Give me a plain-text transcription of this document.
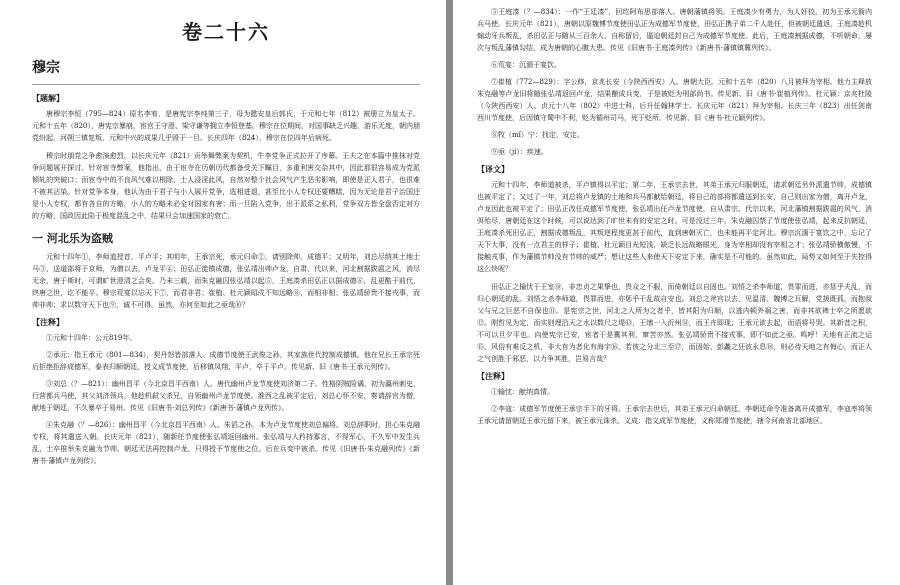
卷二十六
穆宗
【题解】

唐穆宗李恒（795—824）原名李宥，是唐宪宗李纯第三子，母为懿安皇后郭氏，于元和七年（812）被册立为皇太子。元和十五年（820），唐宪宗暴崩，宦官王守澄、梁守谦等拥立李恒登基。穆宗在位期间，对国事缺乏兴趣，游乐无度，朝内朋党纷起，河朔三镇复叛，元和中兴的成果几乎毁于一旦。长庆四年（824），穆宗在位四年后病死。

穆宗时朋党之争愈演愈烈，以长庆元年（821）贡举舞弊案为契机，牛李党争正式拉开了序幕。王夫之在本篇中推抹对党争问题展开探讨。针对宦寺弊案，他指出，由于宦寺在历朝历代都备受关下瞩目，多重利害交杂其中，因此那很容易成为党派倾轧的突破口；而宦寺中的不良风气难以根除，士人浸淫此风，自然对整个社会风气产生恶劣影响，即使是正人君子，也很难不被其沾染。针对党争本身，他认为由于君子与小人展开党争，选相进退，甚至比小人专权还要糟糕，因为无论是君子治国还是小人专权，都有各自的方略，小人的方略未必全对国家有害；而一旦陷入党争，出于派系之私利，党争双方皆全盘否定对方的方略，国政因此陷于极度混乱之中，结果只会加速国家的衰亡。

一 河北乐为盗贼

元和十四年①，李师道授首，平卢平；其明年，王承宗死，承元归命②，请别除帅，成德平；又明年，刘总尽纳其土地士马③，送道部将于京师，为僧以去，卢龙平④；田弘正徙镇成德，张弘靖出帅卢龙，自肃、代以来，河北割据跋扈之风，消尽无余，唐于斯时，可谓旷世澄清之会矣。乃未三载，而朱克融囚张弘靖以起⑤，王庭凑杀田弘正以据成德⑥，乱更酷于前代，终唐之世，讫不能平。穆宗荒宴以忘天下⑦，而君非君；崔植、杜元颖昭戍不知远略⑧，而相非相；张弘靖骄贵不接戎事，而帅非帅；求以数守天下也⑨，诚不可得。虽然，亦何至如此之亟哉⑩？

【注释】

①元和十四年：公元819年。

②承元：指王承元（801—834），契丹怒皆部落人。成德节度使王武俊之孙，其家族世代控制成德镇。他在兄长王承宗死后拒绝拒辞成德军，泰表归顺朝廷，授义成节度使，后移镇凤翔、平卢，卒于平卢。传见新、旧《唐书·王承元列传》。

③刘总（？—821）：幽州昌平（今北京昌平西南）人。唐代幽州卢龙节度使刘济第二子。性格阴贼险谲，初为瀛州刺史、行营都兵马使，其父刘济领兵，他趁机弑父杀兄，自领幽州卢龙节度使。淮西之乱被平定后，刘总心怀不安，奏请辞官为僧，献地于朝廷，不久暴卒于易州。传见《旧唐书·刘总列传》《新唐书·藩镇卢龙列传》。

④朱克融（？—826）：幽州昌平（今北京昌平西南）人。朱滔之孙，本为卢龙节度使刘总偏将。刘总辞职时，担心朱克融专权，将其遣送入朝。长庆元年（821），随新任节度使张弘靖返回幽州。张弘靖与人矜持寡言，不得军心，不久军中发生兵乱，士卒推举朱克融为节帅。朝廷无法再控制卢龙，只得授予节度使之位。后在兵变中被杀。传见《旧唐书·朱克融列传》《新唐书·藩镇卢龙列传》。

⑤王庭凑（？—834）：一作“王廷凑”，回纥阿布思部落人。唐朝藩镇将领。王庭凑少有勇力，为人奸狡，初为王承元衙内兵马使。长庆元年（821），唐朝以原魏博节度使田弘正为成德军节度使，田弘正携子弟二千人赴任，但被朝廷遣返，王庭凑趁机煽动牙兵叛乱，杀田弘正与随从三百余人，自称留后，逼迫朝廷封自己为成德军节度使。此后，王庭凑割据成德，不听朝命，屡次与叛乱藩镇勾结，成为唐朝的心腹大患。传见《旧唐书·王庭凑列传》《新唐书·藩镇镇冀列传》。

⑥荒宴：沉湎于宴饮。

⑦崔植（772—829）：字公修，京兆长安（今陕西西安）人。唐朝大臣。元和十五年（820）八月被拜为宰相。他力主释放朱克融等卢龙旧将随张弘靖返回卢龙，结果酿成兵变，于是被贬为刑部尚书。传见新、旧《唐书·崔植列传》。杜元颖：京兆杜陵（今陕西西安）人。贞元十八年（802）中进士科，后升任翰林学士。长庆元年（821）拜为宰相。长庆三年（823）出任剑南西川节度使，后因镇守蜀中不利，贬为循州司马，死于贬所。传见新、旧《唐书·杜元颖列传》。

⑧牧（mǐ）宁：找定，安定。

⑨亟（jí）：疾速。

【译文】

元和十四年，李师道被杀，平卢镇得以平定；第二年，王承宗去世，其弟王承元归服朝廷，请求朝廷另外派遣节帅，成德镇也被平定了；又过了一年，刘总将卢龙镇的土地和兵马都献给朝廷，将自己的部将都遣送到长安，自己则出家为僧，离开卢龙，卢龙因此也被平定了；田弘正改任成德军节度使，张弘靖出任卢龙节度使，自从肃宗、代宗以来，河北藩镇割据跋扈的风气，消弭殆尽，唐朝廷在这个时候，可以说达到了旷世未有的安定之时。可是没过三年，朱克融囚禁了节度使张弘靖，起来反抗朝廷，王庭凑杀死田弘正，割据成德叛乱，其叛逆程度更甚于前代，直到唐朝灭亡，也未能再平定河北。穆宗沉湎于宴饮之中，忘记了天下大事，没有一点君主的样子；崔植、杜元颖目光短浅，缺乏长远战略眼光，身为宰相却没有宰相之才；张弘靖骄横傲慢，不接触戎事，作为藩镇节帅没有节帅的威严；想让这些人来使天下安定下来，确实是不可能的。虽然如此，局势又如何至于失控得这么快呢？

田弘正之输忧于王室⑩，非忠贞之果挚也，畏众之不服，而倚朝廷以自固也。刘悟之杀李师道，畏罪而进，亦惩乎夫乱，而归心朝廷的乱。刘悟之杀李师道，畏罪而进，亦惩乎于乱故自安也。刘总之斧宫以去，见温清、魏博之瓦解，党援既孤，而抱叔父与兄之巨恶不自保也⑪。是宪宗之世，河北之人所为之者乎，皆其阳为归顺，以逃内顿外祸之害，而非其欲裨士卒之所愿欲⑫。刚哲见为定，而实则埋沿天之水以数尺之堤⑬，王缮一入沂州⑭，而王卉即现；王承元欲去起，而语将号哭。其新昔之积，不可以旦夕平也。向使宪宗已安，宦者于是冀其利，窜苦亦然。张弘靖骄贵不接戎事，即不如此之亟。鸣呼！天地有正流之运⑮，风俗有难反之机，非大有为者化有海宇⑯，若彼之分北三至⑰，而固始、彭蠡之狂波永息⑱，则必待天地之有悔心，而正人之气创胜于邪恶，以力争其胜，岂易言哉？

【注释】

①输忱：献纳真情。

②李寇：成德军节度使王承宗手下的牙将。王承宗去世后，其弟王承元归命朝廷，李朝廷命令准备离开成德军，李寇率将领王承元请留朝廷王承元留下来，被王承元诛杀。义成：指义成军节度使，义称郑滑节度使，辖今河南省北部地区。
